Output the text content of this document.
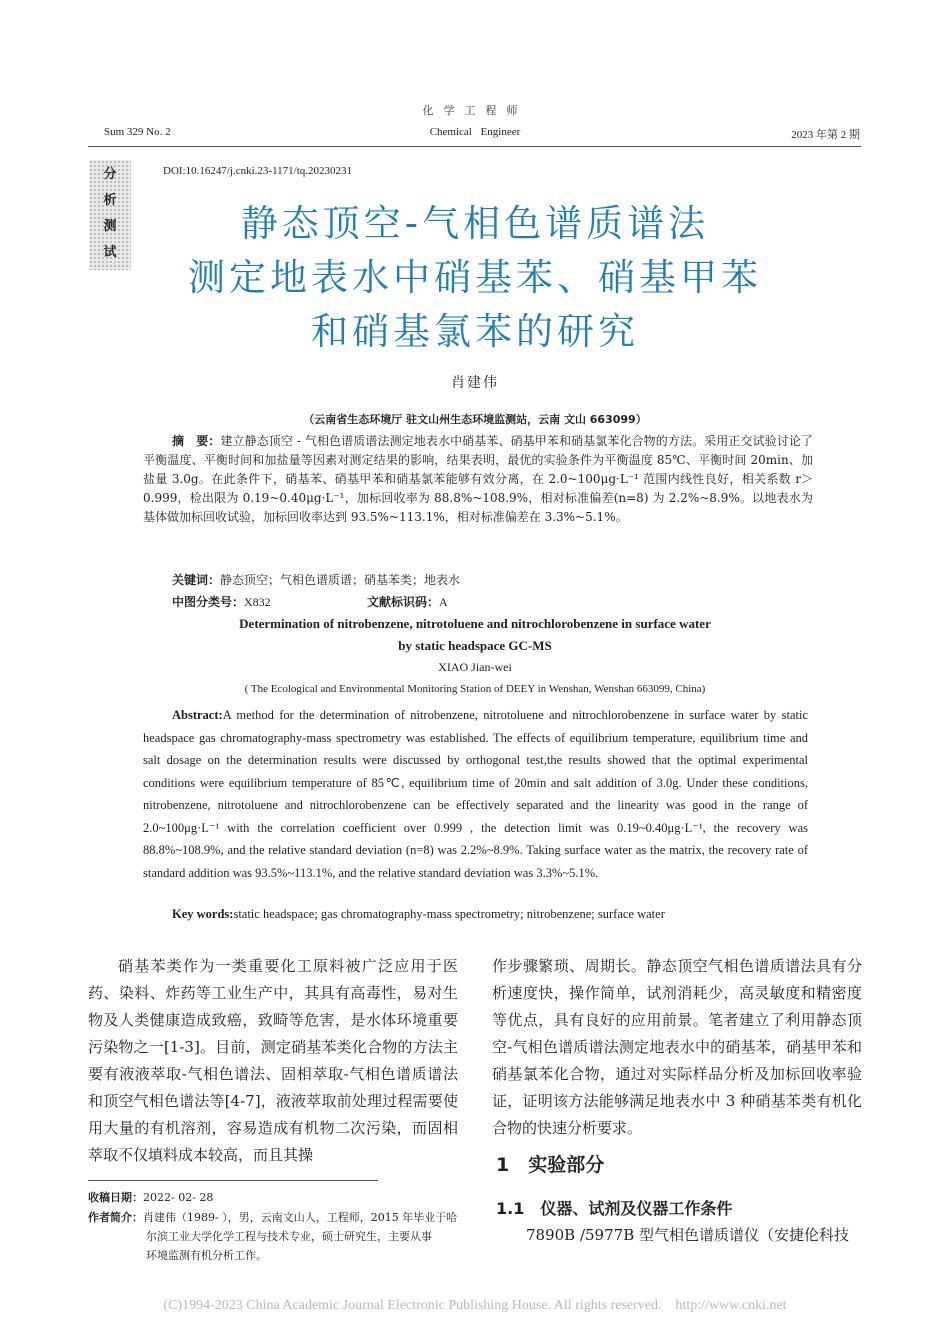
化学工程师
Sum 329 No. 2	Chemical Engineer	2023 年第 2 期
分
析
测
试
DOI:10.16247/j.cnki.23-1171/tq.20230231
静态顶空-气相色谱质谱法
测定地表水中硝基苯、硝基甲苯
和硝基氯苯的研究
肖建伟
（云南省生态环境厅 驻文山州生态环境监测站，云南 文山 663099）
摘　要：建立静态顶空 - 气相色谱质谱法测定地表水中硝基苯、硝基甲苯和硝基氯苯化合物的方法。采用正交试验讨论了平衡温度、平衡时间和加盐量等因素对测定结果的影响，结果表明，最优的实验条件为平衡温度 85℃、平衡时间 20min、加盐量 3.0g。在此条件下，硝基苯、硝基甲苯和硝基氯苯能够有效分离，在 2.0~100μg·L⁻¹ 范围内线性良好，相关系数 r＞0.999，检出限为 0.19~0.40μg·L⁻¹，加标回收率为 88.8%~108.9%，相对标准偏差(n=8) 为 2.2%~8.9%。以地表水为基体做加标回收试验，加标回收率达到 93.5%~113.1%，相对标准偏差在 3.3%~5.1%。
关键词：静态顶空；气相色谱质谱；硝基苯类；地表水
中图分类号：X832	文献标识码：A
Determination of nitrobenzene, nitrotoluene and nitrochlorobenzene in surface water
by static headspace GC-MS
XIAO Jian-wei
( The Ecological and Environmental Monitoring Station of DEEY in Wenshan, Wenshan 663099, China)
Abstract:A method for the determination of nitrobenzene, nitrotoluene and nitrochlorobenzene in surface water by static headspace gas chromatography-mass spectrometry was established. The effects of equilibrium temperature, equilibrium time and salt dosage on the determination results were discussed by orthogonal test,the results showed that the optimal experimental conditions were equilibrium temperature of 85℃, equilibrium time of 20min and salt addition of 3.0g. Under these conditions, nitrobenzene, nitrotoluene and nitrochlorobenzene can be effectively separated and the linearity was good in the range of 2.0~100μg·L⁻¹ with the correlation coefficient over 0.999 , the detection limit was 0.19~0.40μg·L⁻¹, the recovery was 88.8%~108.9%, and the relative standard deviation (n=8) was 2.2%~8.9%. Taking surface water as the matrix, the recovery rate of standard addition was 93.5%~113.1%, and the relative standard deviation was 3.3%~5.1%.
Key words:static headspace; gas chromatography-mass spectrometry; nitrobenzene; surface water
硝基苯类作为一类重要化工原料被广泛应用于医药、染料、炸药等工业生产中，其具有高毒性，易对生物及人类健康造成致癌，致畸等危害，是水体环境重要污染物之一[1-3]。目前，测定硝基苯类化合物的方法主要有液液萃取-气相色谱法、固相萃取-气相色谱质谱法和顶空气相色谱法等[4-7]，液液萃取前处理过程需要使用大量的有机溶剂，容易造成有机物二次污染，而固相萃取不仅填料成本较高，而且其操
作步骤繁琐、周期长。静态顶空气相色谱质谱法具有分析速度快，操作简单，试剂消耗少，高灵敏度和精密度等优点，具有良好的应用前景。笔者建立了利用静态顶空-气相色谱质谱法测定地表水中的硝基苯，硝基甲苯和硝基氯苯化合物，通过对实际样品分析及加标回收率验证，证明该方法能够满足地表水中 3 种硝基苯类有机化合物的快速分析要求。
1　实验部分
1.1　仪器、试剂及仪器工作条件
7890B /5977B 型气相色谱质谱仪（安捷伦科技
收稿日期：2022- 02- 28
作者简介：肖建伟（1989- ），男，云南文山人，工程师，2015 年毕业于哈
尔滨工业大学化学工程与技术专业，硕士研究生，主要从事
环境监测有机分析工作。
(C)1994-2023 China Academic Journal Electronic Publishing House. All rights reserved.    http://www.cnki.net
